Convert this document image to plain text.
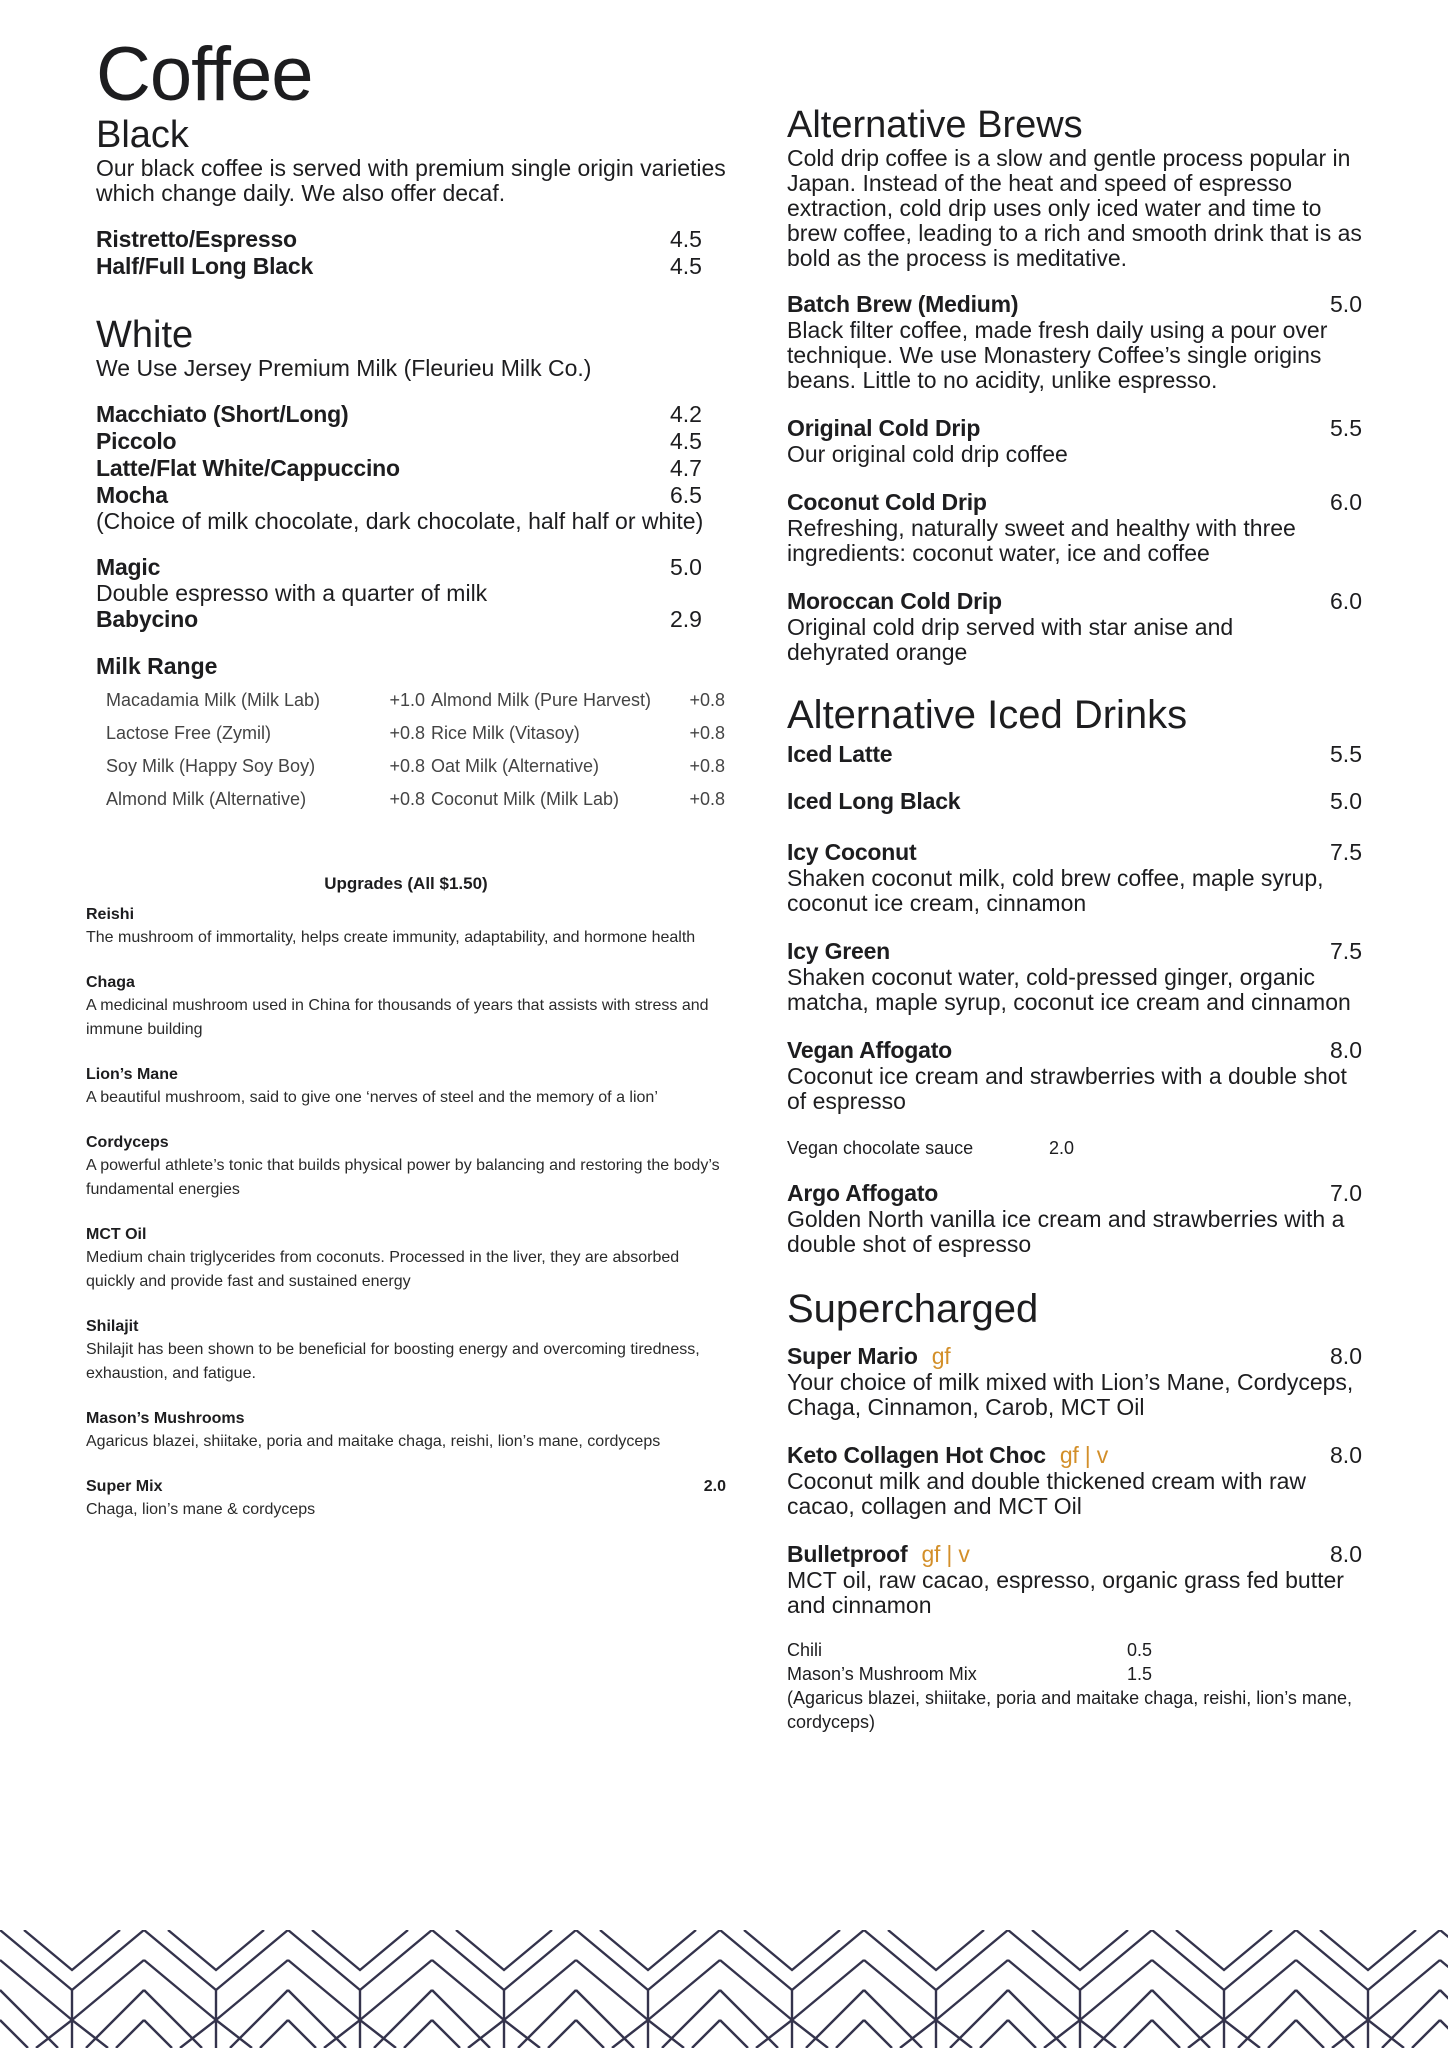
Coffee
Black

Our black coffee is served with premium single origin varieties which change daily. We also offer decaf.

Ristretto/Espresso	4.5
Half/Full Long Black	4.5
White

We Use Jersey Premium Milk (Fleurieu Milk Co.)

Macchiato (Short/Long)	4.2
Piccolo	4.5
Latte/Flat White/Cappuccino	4.7
Mocha	6.5

(Choice of milk chocolate, dark chocolate, half half or white)

Magic	5.0

Double espresso with a quarter of milk

Babycino	2.9

Milk Range

Macadamia Milk (Milk Lab)	+1.0 Almond Milk (Pure Harvest) +0.8
Lactose Free (Zymil)	+0.8 Rice Milk (Vitasoy)	+0.8
Soy Milk (Happy Soy Boy)	+0.8 Oat Milk (Alternative)	+0.8
Almond Milk (Alternative)	+0.8 Coconut Milk (Milk Lab)	+0.8

Upgrades (All $1.50)

Reishi
The mushroom of immortality, helps create immunity, adaptability, and hormone health
Chaga
A medicinal mushroom used in China for thousands of years that assists with stress and immune building
Lion’s Mane
A beautiful mushroom, said to give one ‘nerves of steel and the memory of a lion’
Cordyceps
A powerful athlete’s tonic that builds physical power by balancing and restoring the body’s fundamental energies
MCT Oil
Medium chain triglycerides from coconuts. Processed in the liver, they are absorbed quickly and provide fast and sustained energy
Shilajit
Shilajit has been shown to be beneficial for boosting energy and overcoming tiredness, exhaustion, and fatigue.
Mason’s Mushrooms
Agaricus blazei, shiitake, poria and maitake chaga, reishi, lion’s mane, cordyceps
Super Mix	2.0
Chaga, lion’s mane & cordyceps
Alternative Brews

Cold drip coffee is a slow and gentle process popular in Japan. Instead of the heat and speed of espresso extraction, cold drip uses only iced water and time to brew coffee, leading to a rich and smooth drink that is as bold as the process is meditative.

Batch Brew (Medium)	5.0

Black filter coffee, made fresh daily using a pour over technique. We use Monastery Coffee’s single origins beans. Little to no acidity, unlike espresso.

Original Cold Drip	5.5

Our original cold drip coffee

Coconut Cold Drip	6.0

Refreshing, naturally sweet and healthy with three ingredients: coconut water, ice and coffee

Moroccan Cold Drip	6.0

Original cold drip served with star anise and dehyrated orange

Alternative Iced Drinks
Iced Latte	5.5
Iced Long Black	5.0
Icy Coconut	7.5

Shaken coconut milk, cold brew coffee, maple syrup, coconut ice cream, cinnamon

Icy Green	7.5

Shaken coconut water, cold-pressed ginger, organic matcha, maple syrup, coconut ice cream and cinnamon

Vegan Affogato	8.0

Coconut ice cream and strawberries with a double shot of espresso

Vegan chocolate sauce	2.0
Argo Affogato	7.0

Golden North vanilla ice cream and strawberries with a double shot of espresso

Supercharged
Super Mario gf	8.0

Your choice of milk mixed with Lion’s Mane, Cordyceps, Chaga, Cinnamon, Carob, MCT Oil

Keto Collagen Hot Choc gf | v	8.0

Coconut milk and double thickened cream with raw cacao, collagen and MCT Oil

Bulletproof gf | v	8.0

MCT oil, raw cacao, espresso, organic grass fed butter and cinnamon

Chili	0.5
Mason’s Mushroom Mix	1.5
(Agaricus blazei, shiitake, poria and maitake chaga, reishi, lion’s mane, cordyceps)
